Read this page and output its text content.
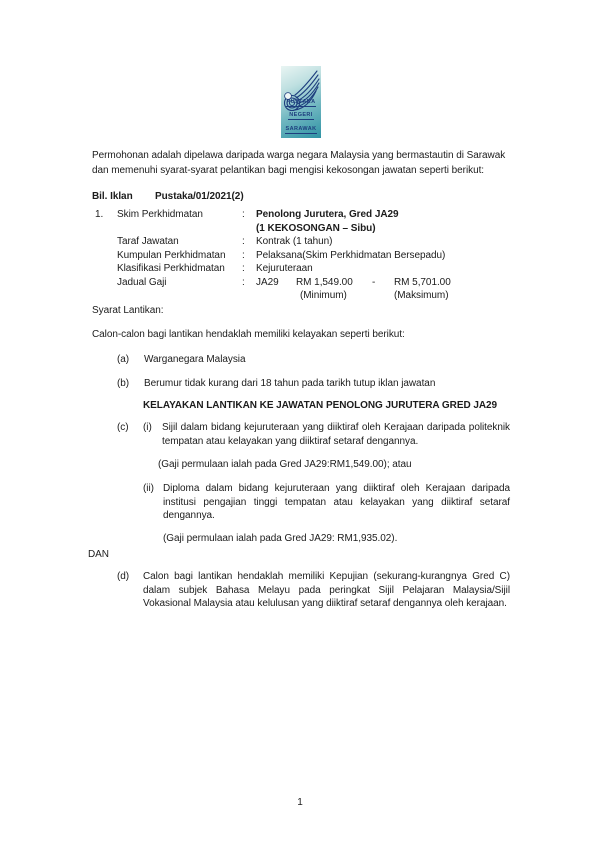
PUSTAKA
NEGERI
SARAWAK
Permohonan adalah dipelawa daripada warga negara Malaysia yang bermastautin di Sarawak dan memenuhi syarat-syarat pelantikan bagi mengisi kekosongan jawatan seperti berikut:
Bil. Iklan Pustaka/01/2021(2)
1.	Skim Perkhidmatan	:	Penolong Jurutera, Gred JA29
(1 KEKOSONGAN – Sibu)
Taraf Jawatan	:	Kontrak (1 tahun)
Kumpulan Perkhidmatan	:	Pelaksana(Skim Perkhidmatan Bersepadu)
Klasifikasi Perkhidmatan	:	Kejuruteraan
Jadual Gaji	:	JA29 RM 1,549.00 - RM 5,701.00
(Minimum)	(Maksimum)
Syarat Lantikan:
Calon-calon bagi lantikan hendaklah memiliki kelayakan seperti berikut:
(a) Warganegara Malaysia
(b) Berumur tidak kurang dari 18 tahun pada tarikh tutup iklan jawatan
KELAYAKAN LANTIKAN KE JAWATAN PENOLONG JURUTERA GRED JA29
(c) (i) Sijil dalam bidang kejuruteraan yang diiktiraf oleh Kerajaan daripada politeknik tempatan atau kelayakan yang diiktiraf setaraf dengannya.
(Gaji permulaan ialah pada Gred JA29:RM1,549.00); atau
(ii) Diploma dalam bidang kejuruteraan yang diiktiraf oleh Kerajaan daripada institusi pengajian tinggi tempatan atau kelayakan yang diiktiraf setaraf dengannya.
(Gaji permulaan ialah pada Gred JA29: RM1,935.02).
DAN
(d) Calon bagi lantikan hendaklah memiliki Kepujian (sekurang-kurangnya Gred C) dalam subjek Bahasa Melayu pada peringkat Sijil Pelajaran Malaysia/Sijil Vokasional Malaysia atau kelulusan yang diiktiraf setaraf dengannya oleh kerajaan.
1
